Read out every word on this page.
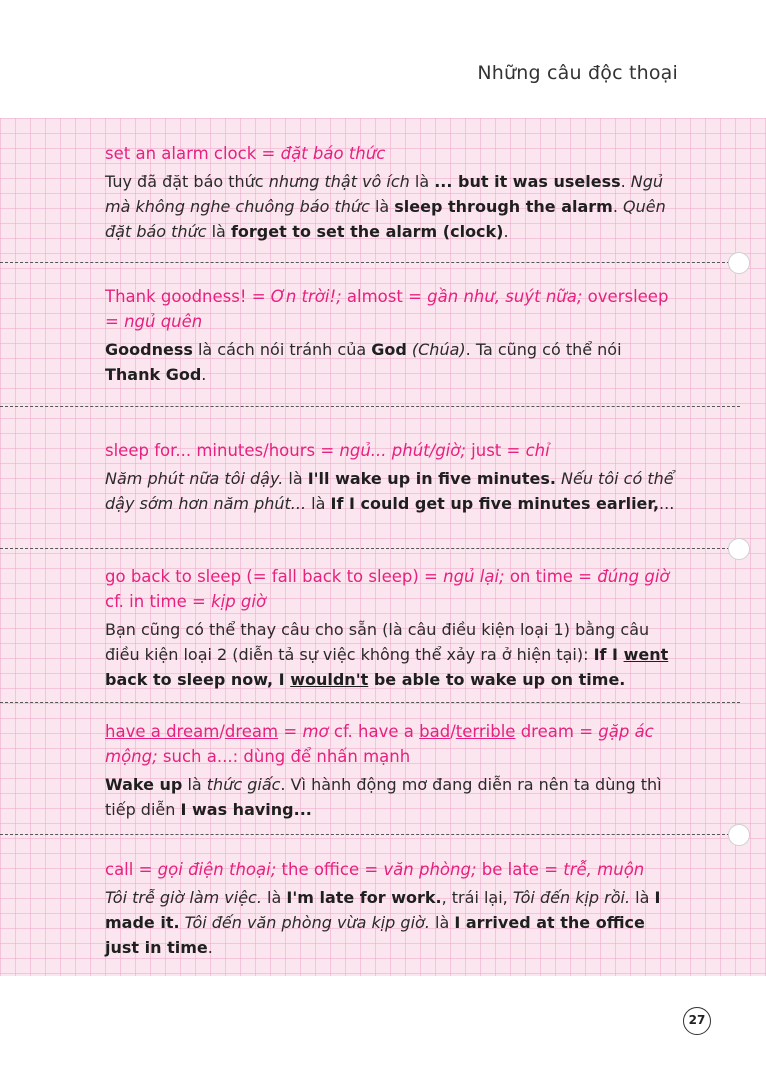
Những câu độc thoại
set an alarm clock = đặt báo thức
Tuy đã đặt báo thức nhưng thật vô ích là ... but it was useless. Ngủ mà không nghe chuông báo thức là sleep through the alarm. Quên đặt báo thức là forget to set the alarm (clock).
Thank goodness! = Ơn trời!; almost = gần như, suýt nữa; oversleep = ngủ quên
Goodness là cách nói tránh của God (Chúa). Ta cũng có thể nói Thank God.
sleep for... minutes/hours = ngủ... phút/giờ; just = chỉ
Năm phút nữa tôi dậy. là I'll wake up in five minutes. Nếu tôi có thể dậy sớm hơn năm phút... là If I could get up five minutes earlier,...
go back to sleep (= fall back to sleep) = ngủ lại; on time = đúng giờ cf. in time = kịp giờ
Bạn cũng có thể thay câu cho sẵn (là câu điều kiện loại 1) bằng câu điều kiện loại 2 (diễn tả sự việc không thể xảy ra ở hiện tại): If I went back to sleep now, I wouldn't be able to wake up on time.
have a dream/dream = mơ cf. have a bad/terrible dream = gặp ác mộng; such a...: dùng để nhấn mạnh
Wake up là thức giấc. Vì hành động mơ đang diễn ra nên ta dùng thì tiếp diễn I was having...
call = gọi điện thoại; the office = văn phòng; be late = trễ, muộn
Tôi trễ giờ làm việc. là I'm late for work., trái lại, Tôi đến kịp rồi. là I made it. Tôi đến văn phòng vừa kịp giờ. là I arrived at the office just in time.
27
